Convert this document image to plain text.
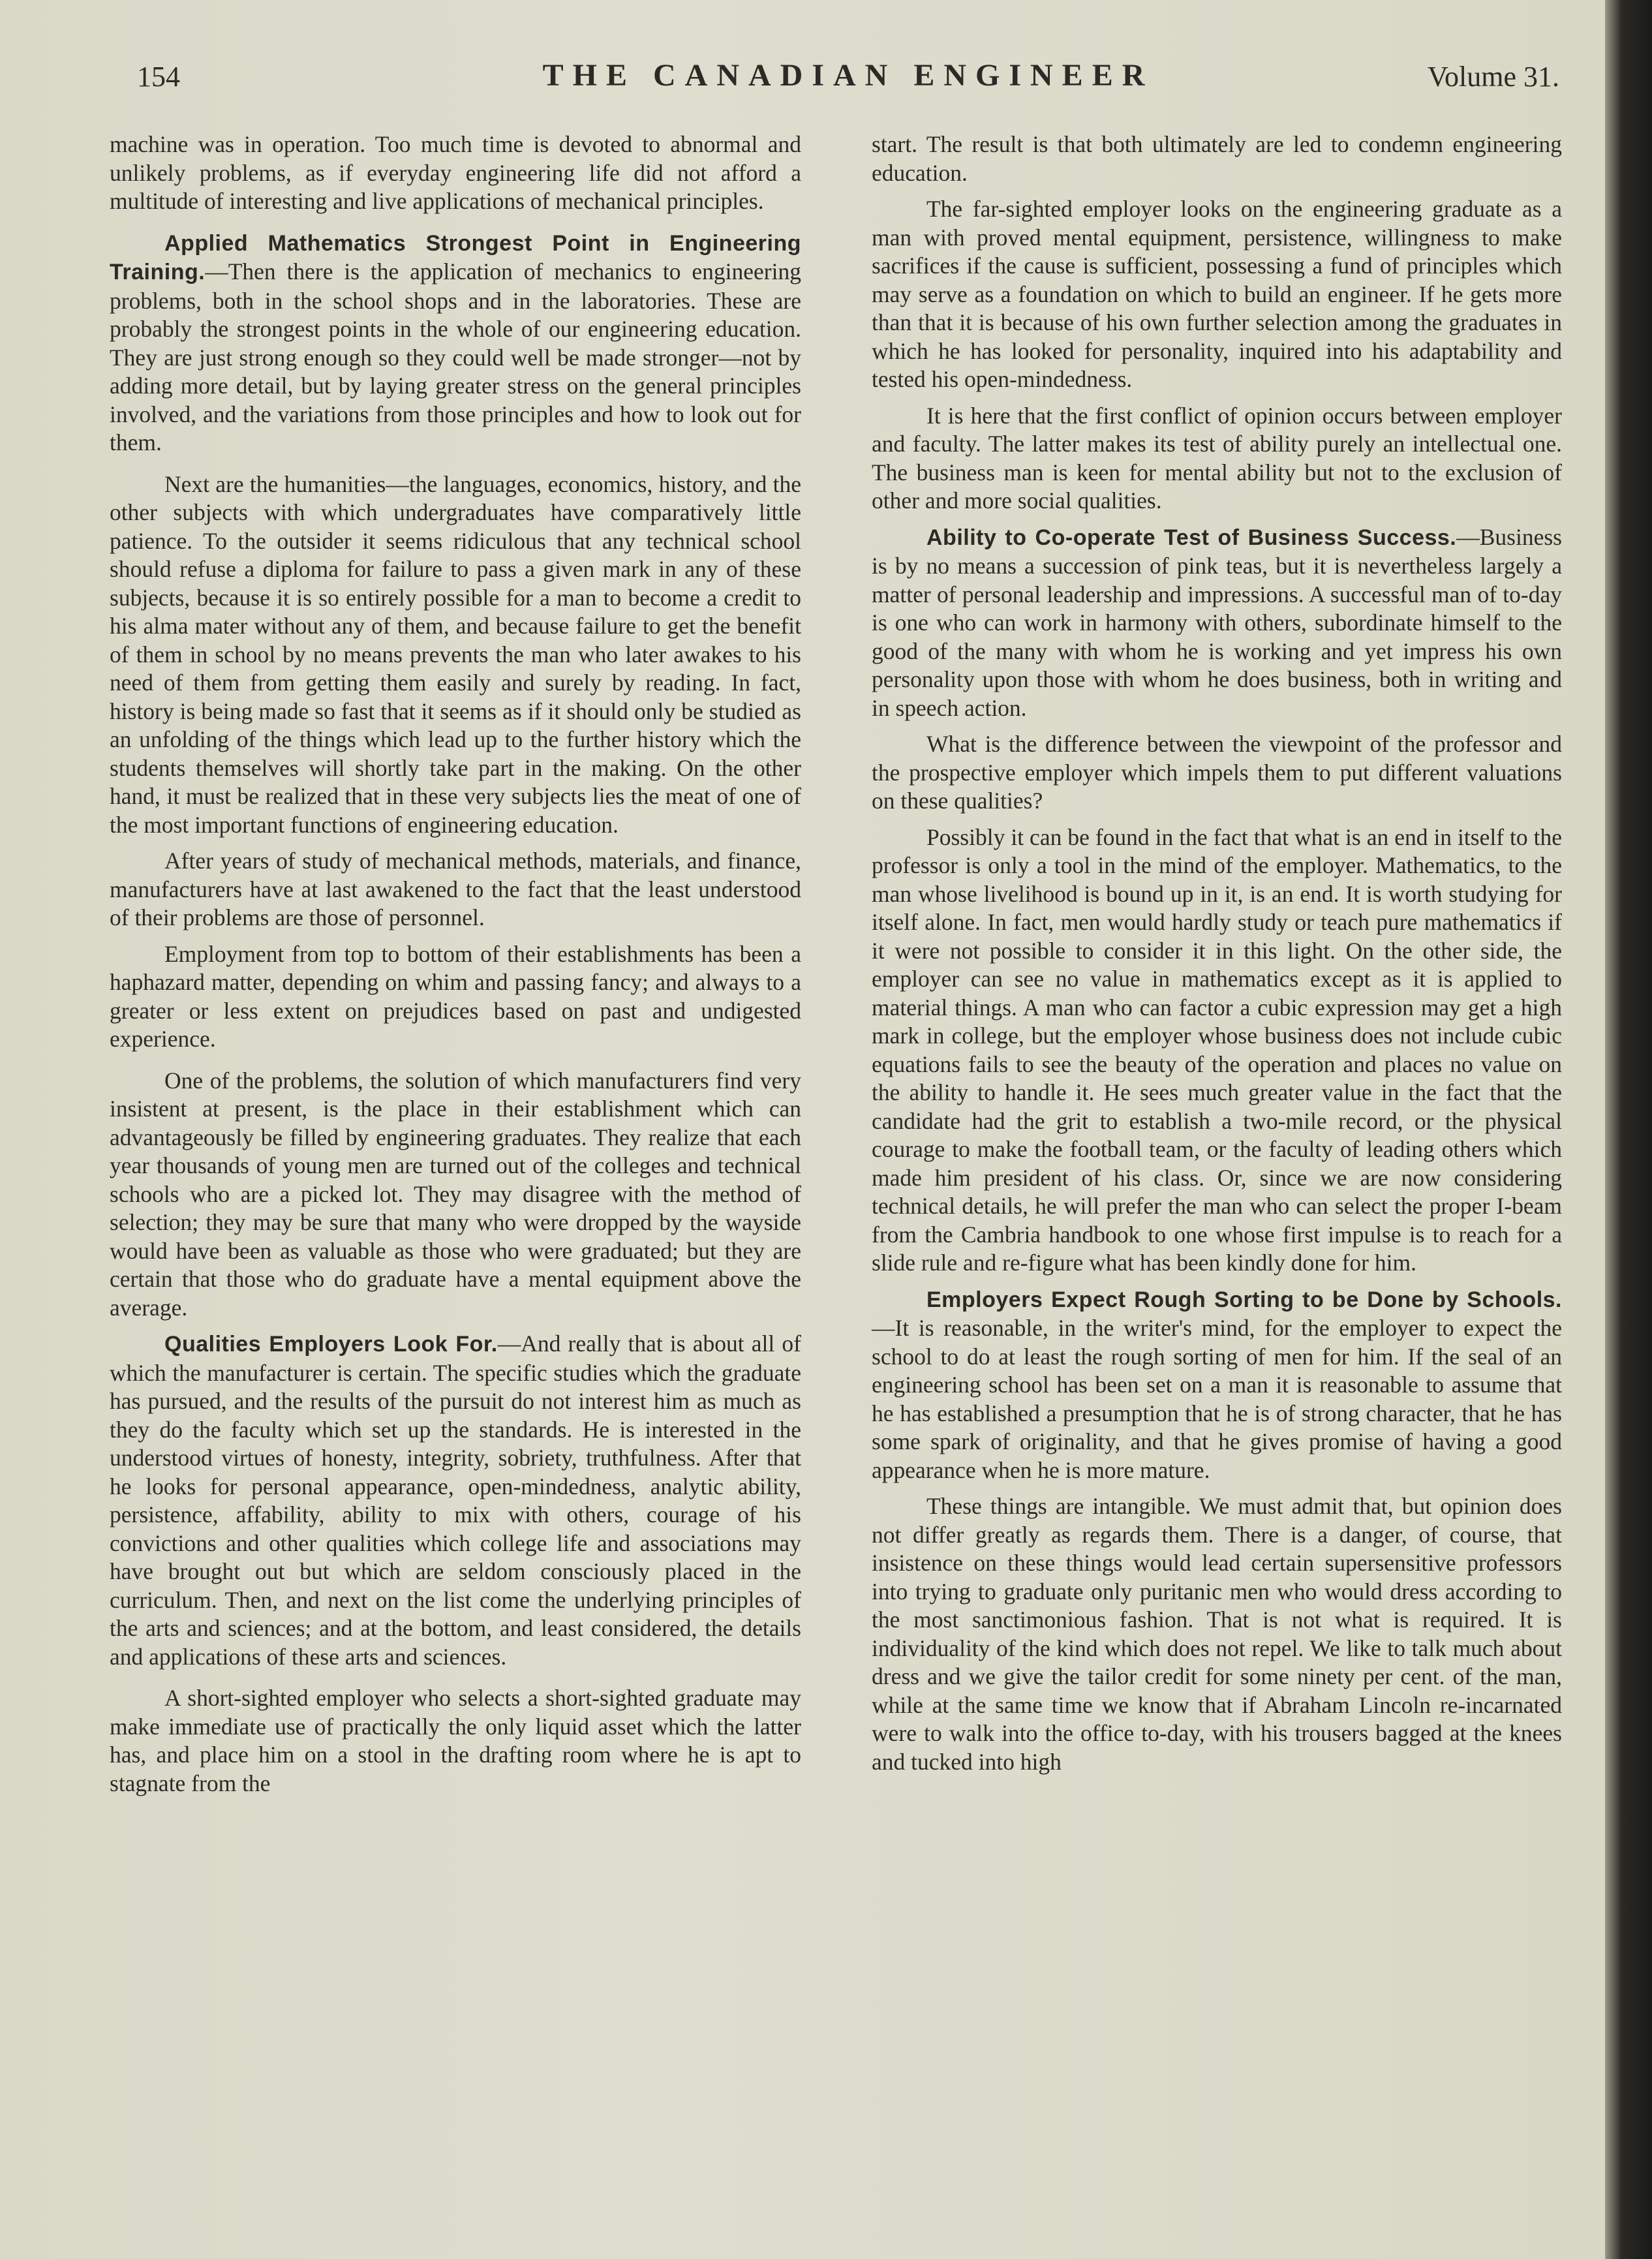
154	THE CANADIAN ENGINEER	Volume 31.

machine was in operation. Too much time is devoted to abnormal and unlikely problems, as if everyday engineering life did not afford a multitude of interesting and live applications of mechanical principles.

Applied Mathematics Strongest Point in Engineering Training.—Then there is the application of mechanics to engineering problems, both in the school shops and in the laboratories. These are probably the strongest points in the whole of our engineering education. They are just strong enough so they could well be made stronger—not by adding more detail, but by laying greater stress on the general principles involved, and the variations from those principles and how to look out for them.

Next are the humanities—the languages, economics, history, and the other subjects with which undergraduates have comparatively little patience. To the outsider it seems ridiculous that any technical school should refuse a diploma for failure to pass a given mark in any of these subjects, because it is so entirely possible for a man to become a credit to his alma mater without any of them, and because failure to get the benefit of them in school by no means prevents the man who later awakes to his need of them from getting them easily and surely by reading. In fact, history is being made so fast that it seems as if it should only be studied as an unfolding of the things which lead up to the further history which the students themselves will shortly take part in the making. On the other hand, it must be realized that in these very subjects lies the meat of one of the most important functions of engineering education.

After years of study of mechanical methods, materials, and finance, manufacturers have at last awakened to the fact that the least understood of their problems are those of personnel.

Employment from top to bottom of their establishments has been a haphazard matter, depending on whim and passing fancy; and always to a greater or less extent on prejudices based on past and undigested experience.

One of the problems, the solution of which manufacturers find very insistent at present, is the place in their establishment which can advantageously be filled by engineering graduates. They realize that each year thousands of young men are turned out of the colleges and technical schools who are a picked lot. They may disagree with the method of selection; they may be sure that many who were dropped by the wayside would have been as valuable as those who were graduated; but they are certain that those who do graduate have a mental equipment above the average.

Qualities Employers Look For.—And really that is about all of which the manufacturer is certain. The specific studies which the graduate has pursued, and the results of the pursuit do not interest him as much as they do the faculty which set up the standards. He is interested in the understood virtues of honesty, integrity, sobriety, truthfulness. After that he looks for personal appearance, open-mindedness, analytic ability, persistence, affability, ability to mix with others, courage of his convictions and other qualities which college life and associations may have brought out but which are seldom consciously placed in the curriculum. Then, and next on the list come the underlying principles of the arts and sciences; and at the bottom, and least considered, the details and applications of these arts and sciences.

A short-sighted employer who selects a short-sighted graduate may make immediate use of practically the only liquid asset which the latter has, and place him on a stool in the drafting room where he is apt to stagnate from the

start. The result is that both ultimately are led to condemn engineering education.

The far-sighted employer looks on the engineering graduate as a man with proved mental equipment, persistence, willingness to make sacrifices if the cause is sufficient, possessing a fund of principles which may serve as a foundation on which to build an engineer. If he gets more than that it is because of his own further selection among the graduates in which he has looked for personality, inquired into his adaptability and tested his open-mindedness.

It is here that the first conflict of opinion occurs between employer and faculty. The latter makes its test of ability purely an intellectual one. The business man is keen for mental ability but not to the exclusion of other and more social qualities.

Ability to Co-operate Test of Business Success.—Business is by no means a succession of pink teas, but it is nevertheless largely a matter of personal leadership and impressions. A successful man of to-day is one who can work in harmony with others, subordinate himself to the good of the many with whom he is working and yet impress his own personality upon those with whom he does business, both in writing and in speech action.

What is the difference between the viewpoint of the professor and the prospective employer which impels them to put different valuations on these qualities?

Possibly it can be found in the fact that what is an end in itself to the professor is only a tool in the mind of the employer. Mathematics, to the man whose livelihood is bound up in it, is an end. It is worth studying for itself alone. In fact, men would hardly study or teach pure mathematics if it were not possible to consider it in this light. On the other side, the employer can see no value in mathematics except as it is applied to material things. A man who can factor a cubic expression may get a high mark in college, but the employer whose business does not include cubic equations fails to see the beauty of the operation and places no value on the ability to handle it. He sees much greater value in the fact that the candidate had the grit to establish a two-mile record, or the physical courage to make the football team, or the faculty of leading others which made him president of his class. Or, since we are now considering technical details, he will prefer the man who can select the proper I-beam from the Cambria handbook to one whose first impulse is to reach for a slide rule and re-figure what has been kindly done for him.

Employers Expect Rough Sorting to be Done by Schools.—It is reasonable, in the writer's mind, for the employer to expect the school to do at least the rough sorting of men for him. If the seal of an engineering school has been set on a man it is reasonable to assume that he has established a presumption that he is of strong character, that he has some spark of originality, and that he gives promise of having a good appearance when he is more mature.

These things are intangible. We must admit that, but opinion does not differ greatly as regards them. There is a danger, of course, that insistence on these things would lead certain supersensitive professors into trying to graduate only puritanic men who would dress according to the most sanctimonious fashion. That is not what is required. It is individuality of the kind which does not repel. We like to talk much about dress and we give the tailor credit for some ninety per cent. of the man, while at the same time we know that if Abraham Lincoln re-incarnated were to walk into the office to-day, with his trousers bagged at the knees and tucked into high
